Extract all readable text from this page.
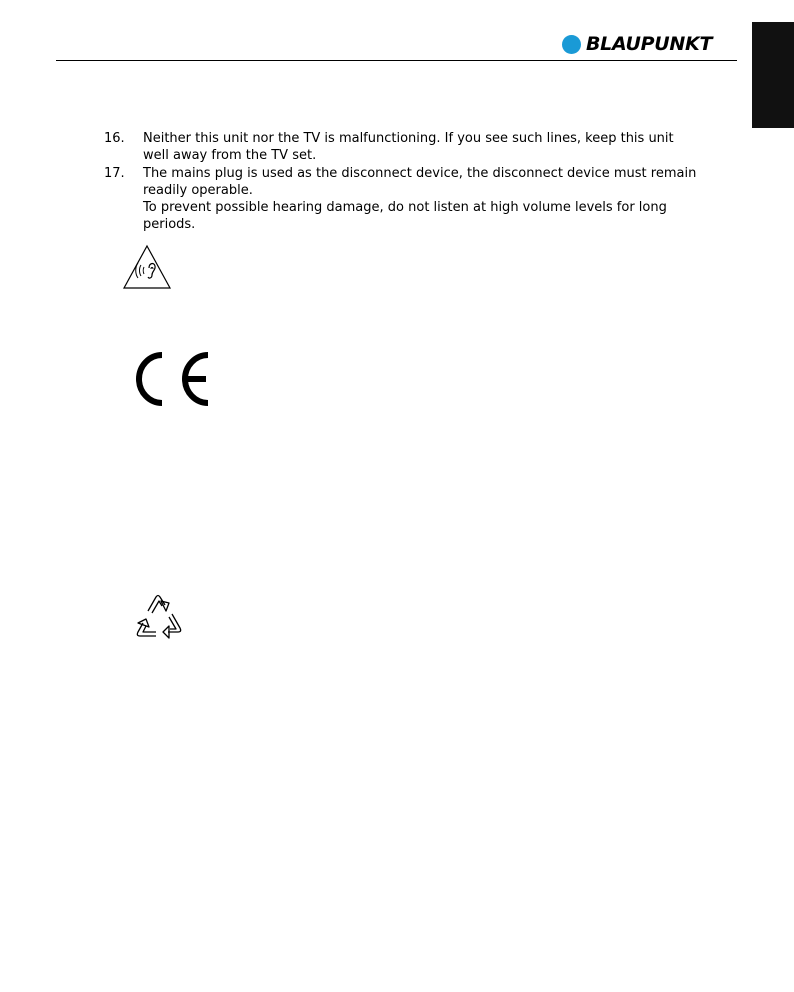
BLAUPUNKT
16. Neither this unit nor the TV is malfunctioning. If you see such lines, keep this unit well away from the TV set.
17. The mains plug is used as the disconnect device, the disconnect device must remain readily operable.
To prevent possible hearing damage, do not listen at high volume levels for long periods.
